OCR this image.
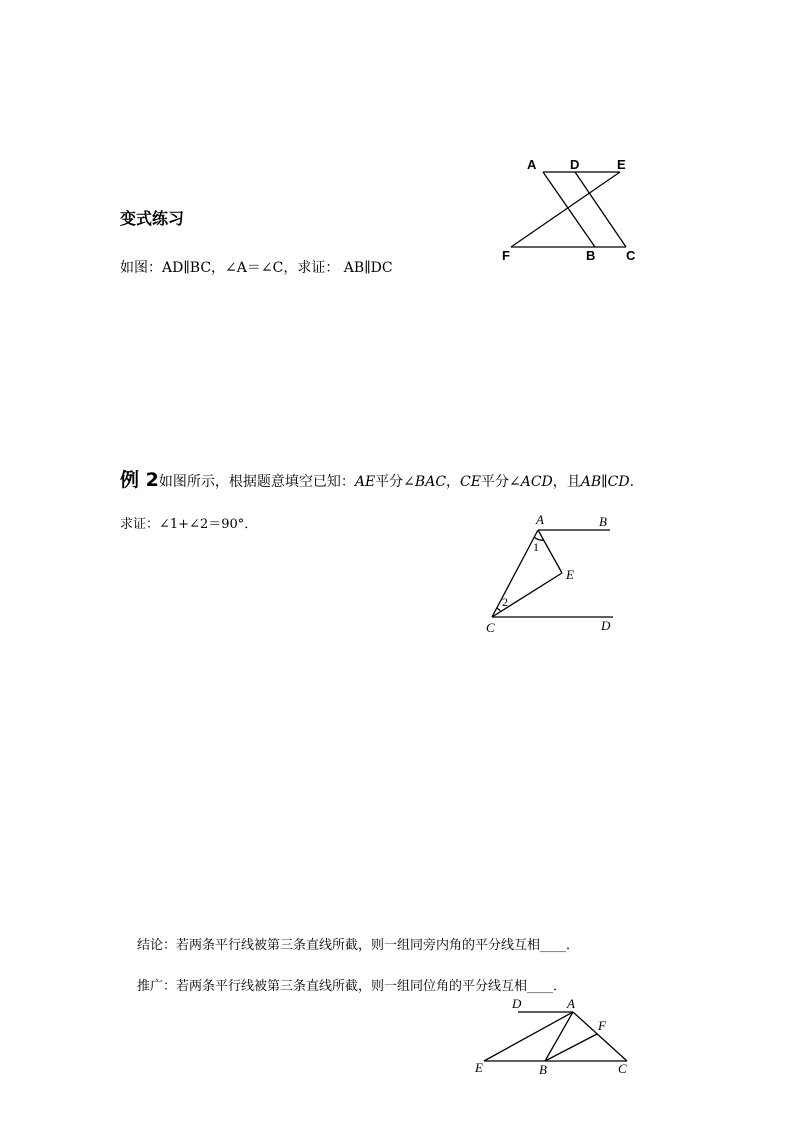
A	D	E
F	B C
变式练习
如图：AD∥BC，∠A＝∠C，求证： AB∥DC
例 2如图所示，根据题意填空已知：AE平分∠BAC，CE平分∠ACD，且AB∥CD.
求证：∠1+∠2＝90°．	A	B
1
E
2
C	D
结论：若两条平行线被第三条直线所截，则一组同旁内角的平分线互相____．
推广：若两条平行线被第三条直线所截，则一组同位角的平分线互相____．
D	A
F
E	B	C
